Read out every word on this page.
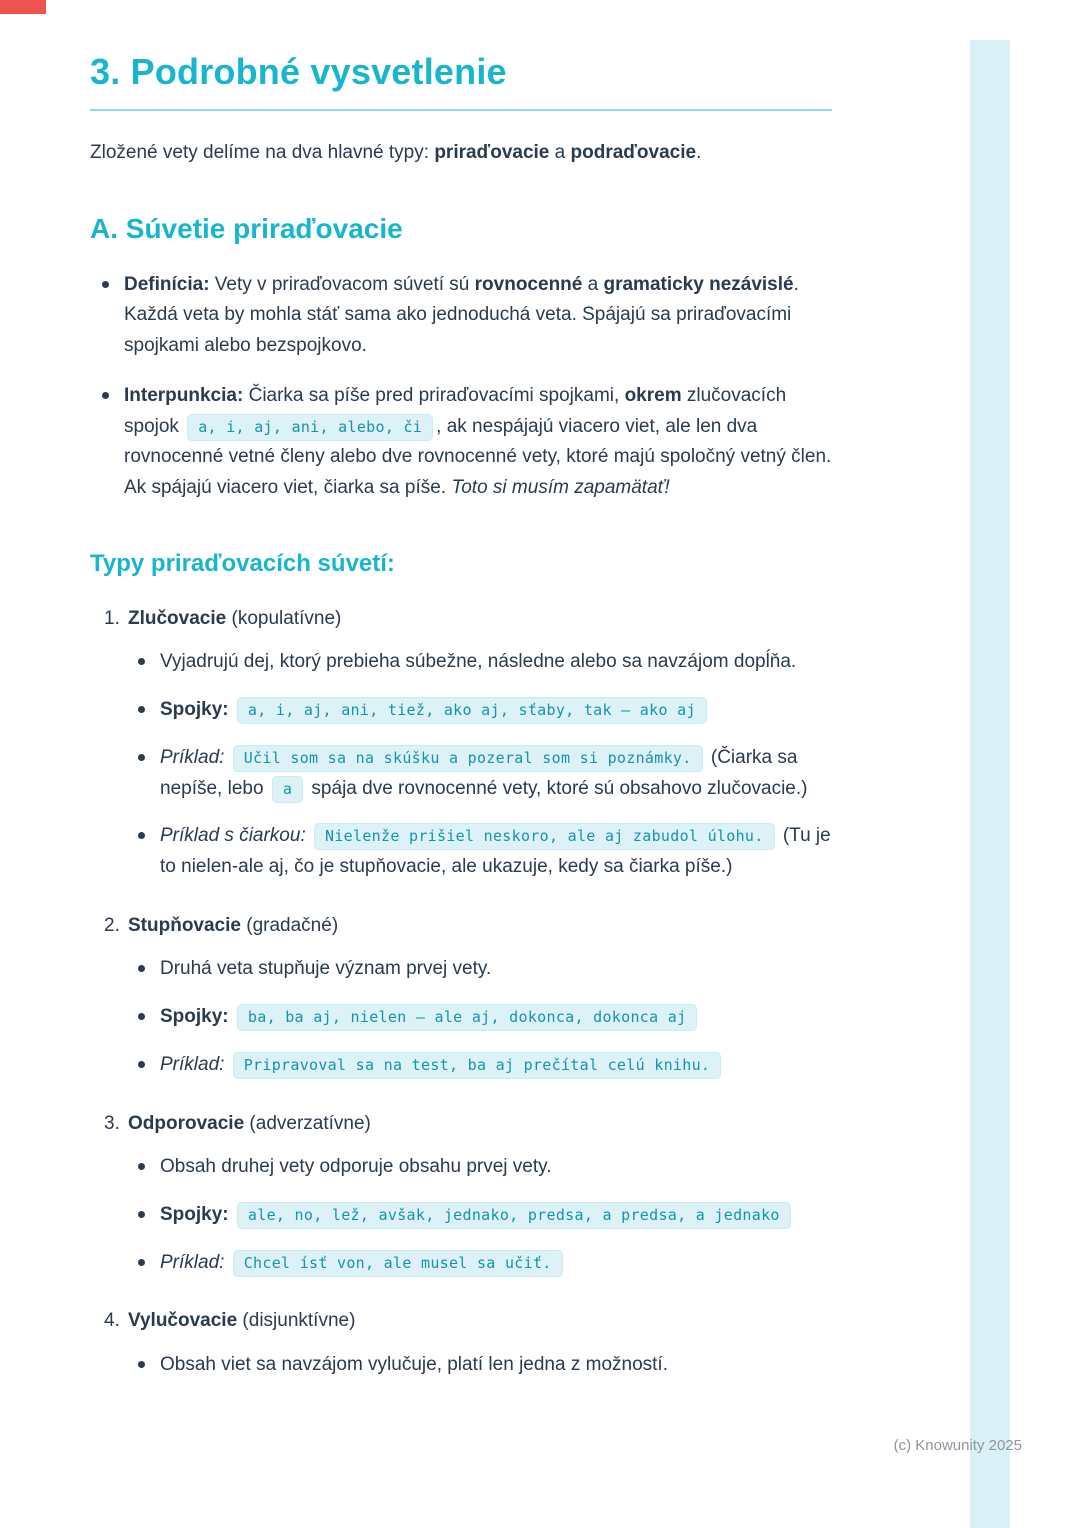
3. Podrobné vysvetlenie

Zložené vety delíme na dva hlavné typy: priraďovacie a podraďovacie.

A. Súvetie priraďovacie
Definícia: Vety v priraďovacom súvetí sú rovnocenné a gramaticky nezávislé. Každá veta by mohla stáť sama ako jednoduchá veta. Spájajú sa priraďovacími spojkami alebo bezspojkovo.
Interpunkcia: Čiarka sa píše pred priraďovacími spojkami, okrem zlučovacích spojok a, i, aj, ani, alebo, či , ak nespájajú viacero viet, ale len dva rovnocenné vetné členy alebo dve rovnocenné vety, ktoré majú spoločný vetný člen. Ak spájajú viacero viet, čiarka sa píše. Toto si musím zapamätať!
Typy priraďovacích súvetí:
1. Zlučovacie (kopulatívne)
Vyjadrujú dej, ktorý prebieha súbežne, následne alebo sa navzájom dopĺňa.
Spojky: a, i, aj, ani, tiež, ako aj, sťaby, tak – ako aj
Príklad: Učil som sa na skúšku a pozeral som si poznámky. (Čiarka sa nepíše, lebo a spája dve rovnocenné vety, ktoré sú obsahovo zlučovacie.)
Príklad s čiarkou: Nielenže prišiel neskoro, ale aj zabudol úlohu. (Tu je to nielen-ale aj, čo je stupňovacie, ale ukazuje, kedy sa čiarka píše.)
2. Stupňovacie (gradačné)
Druhá veta stupňuje význam prvej vety.
Spojky: ba, ba aj, nielen – ale aj, dokonca, dokonca aj
Príklad: Pripravoval sa na test, ba aj prečítal celú knihu.
3. Odporovacie (adverzatívne)
Obsah druhej vety odporuje obsahu prvej vety.
Spojky: ale, no, lež, avšak, jednako, predsa, a predsa, a jednako
Príklad: Chcel ísť von, ale musel sa učiť.
4. Vylučovacie (disjunktívne)
Obsah viet sa navzájom vylučuje, platí len jedna z možností.
(c) Knowunity 2025
